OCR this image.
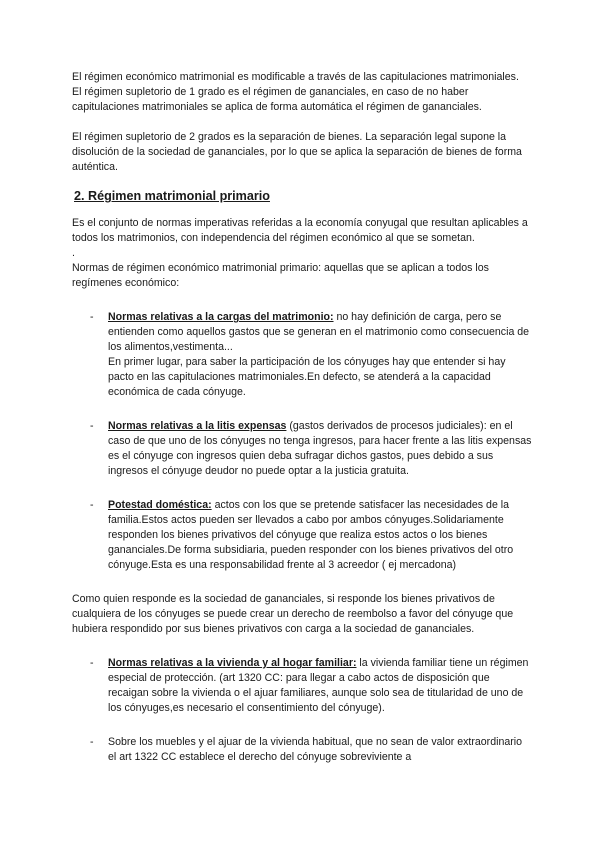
El régimen económico matrimonial es modificable a través de las capitulaciones matrimoniales.

El régimen supletorio de 1 grado es el régimen de gananciales, en caso de no haber capitulaciones matrimoniales se aplica de forma automática el régimen de gananciales.

El régimen supletorio de 2 grados es la separación de bienes. La separación legal supone la disolución de la sociedad de gananciales, por lo que se aplica la separación de bienes de forma auténtica.

2. Régimen matrimonial primario

Es el conjunto de normas imperativas referidas a la economía conyugal que resultan aplicables a todos los matrimonios, con independencia del régimen económico al que se sometan.

.

Normas de régimen económico matrimonial primario: aquellas que se aplican a todos los regímenes económico:

- Normas relativas a la cargas del matrimonio: no hay definición de carga, pero se entienden como aquellos gastos que se generan en el matrimonio como consecuencia de los alimentos,vestimenta...

En primer lugar, para saber la participación de los cónyuges hay que entender si hay pacto en las capitulaciones matrimoniales.En defecto, se atenderá a la capacidad económica de cada cónyuge.

- Normas relativas a la litis expensas (gastos derivados de procesos judiciales): en el caso de que uno de los cónyuges no tenga ingresos, para hacer frente a las litis expensas es el cónyuge con ingresos quien deba sufragar dichos gastos, pues debido a sus ingresos el cónyuge deudor no puede optar a la justicia gratuita.

- Potestad doméstica: actos con los que se pretende satisfacer las necesidades de la familia.Estos actos pueden ser llevados a cabo por ambos cónyuges.Solidariamente responden los bienes privativos del cónyuge que realiza estos actos o los bienes gananciales.De forma subsidiaria, pueden responder con los bienes privativos del otro cónyuge.Esta es una responsabilidad frente al 3 acreedor ( ej mercadona)

Como quien responde es la sociedad de gananciales, si responde los bienes privativos de cualquiera de los cónyuges se puede crear un derecho de reembolso a favor del cónyuge que hubiera respondido por sus bienes privativos con carga a la sociedad de gananciales.

- Normas relativas a la vivienda y al hogar familiar: la vivienda familiar tiene un régimen especial de protección. (art 1320 CC: para llegar a cabo actos de disposición que recaigan sobre la vivienda o el ajuar familiares, aunque solo sea de titularidad de uno de los cónyuges,es necesario el consentimiento del cónyuge).

- Sobre los muebles y el ajuar de la vivienda habitual, que no sean de valor extraordinario el art 1322 CC establece el derecho del cónyuge sobreviviente a
